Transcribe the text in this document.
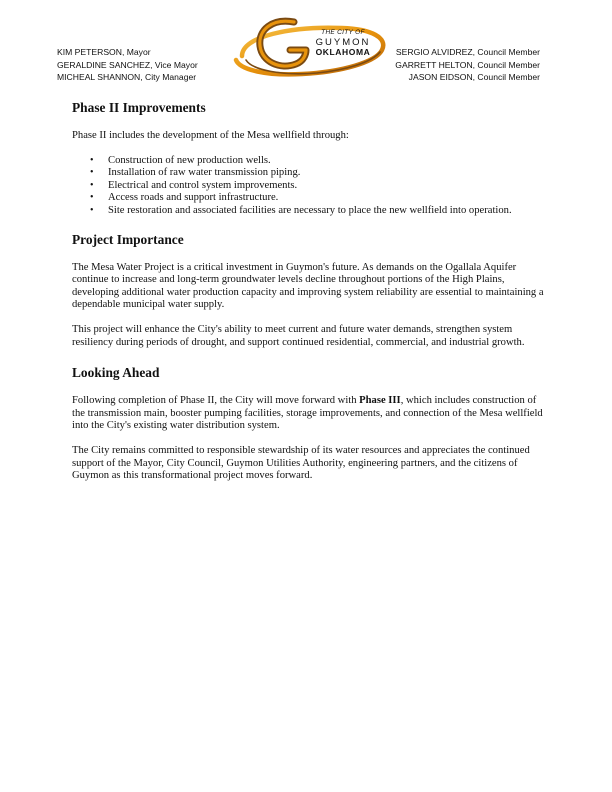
KIM PETERSON, Mayor
GERALDINE SANCHEZ, Vice Mayor
MICHEAL SHANNON, City Manager
THE CITY OF
GUYMON
OKLAHOMA	SERGIO ALVIDREZ, Council Member
GARRETT HELTON, Council Member
JASON EIDSON, Council Member
Phase II Improvements

Phase II includes the development of the Mesa wellfield through:

• Construction of new production wells.
• Installation of raw water transmission piping.
• Electrical and control system improvements.
• Access roads and support infrastructure.
• Site restoration and associated facilities are necessary to place the new wellfield into operation.
Project Importance

The Mesa Water Project is a critical investment in Guymon's future. As demands on the Ogallala Aquifer continue to increase and long-term groundwater levels decline throughout portions of the High Plains, developing additional water production capacity and improving system reliability are essential to maintaining a dependable municipal water supply.

This project will enhance the City's ability to meet current and future water demands, strengthen system resiliency during periods of drought, and support continued residential, commercial, and industrial growth.

Looking Ahead

Following completion of Phase II, the City will move forward with Phase III, which includes construction of the transmission main, booster pumping facilities, storage improvements, and connection of the Mesa wellfield into the City's existing water distribution system.

The City remains committed to responsible stewardship of its water resources and appreciates the continued support of the Mayor, City Council, Guymon Utilities Authority, engineering partners, and the citizens of Guymon as this transformational project moves forward.
